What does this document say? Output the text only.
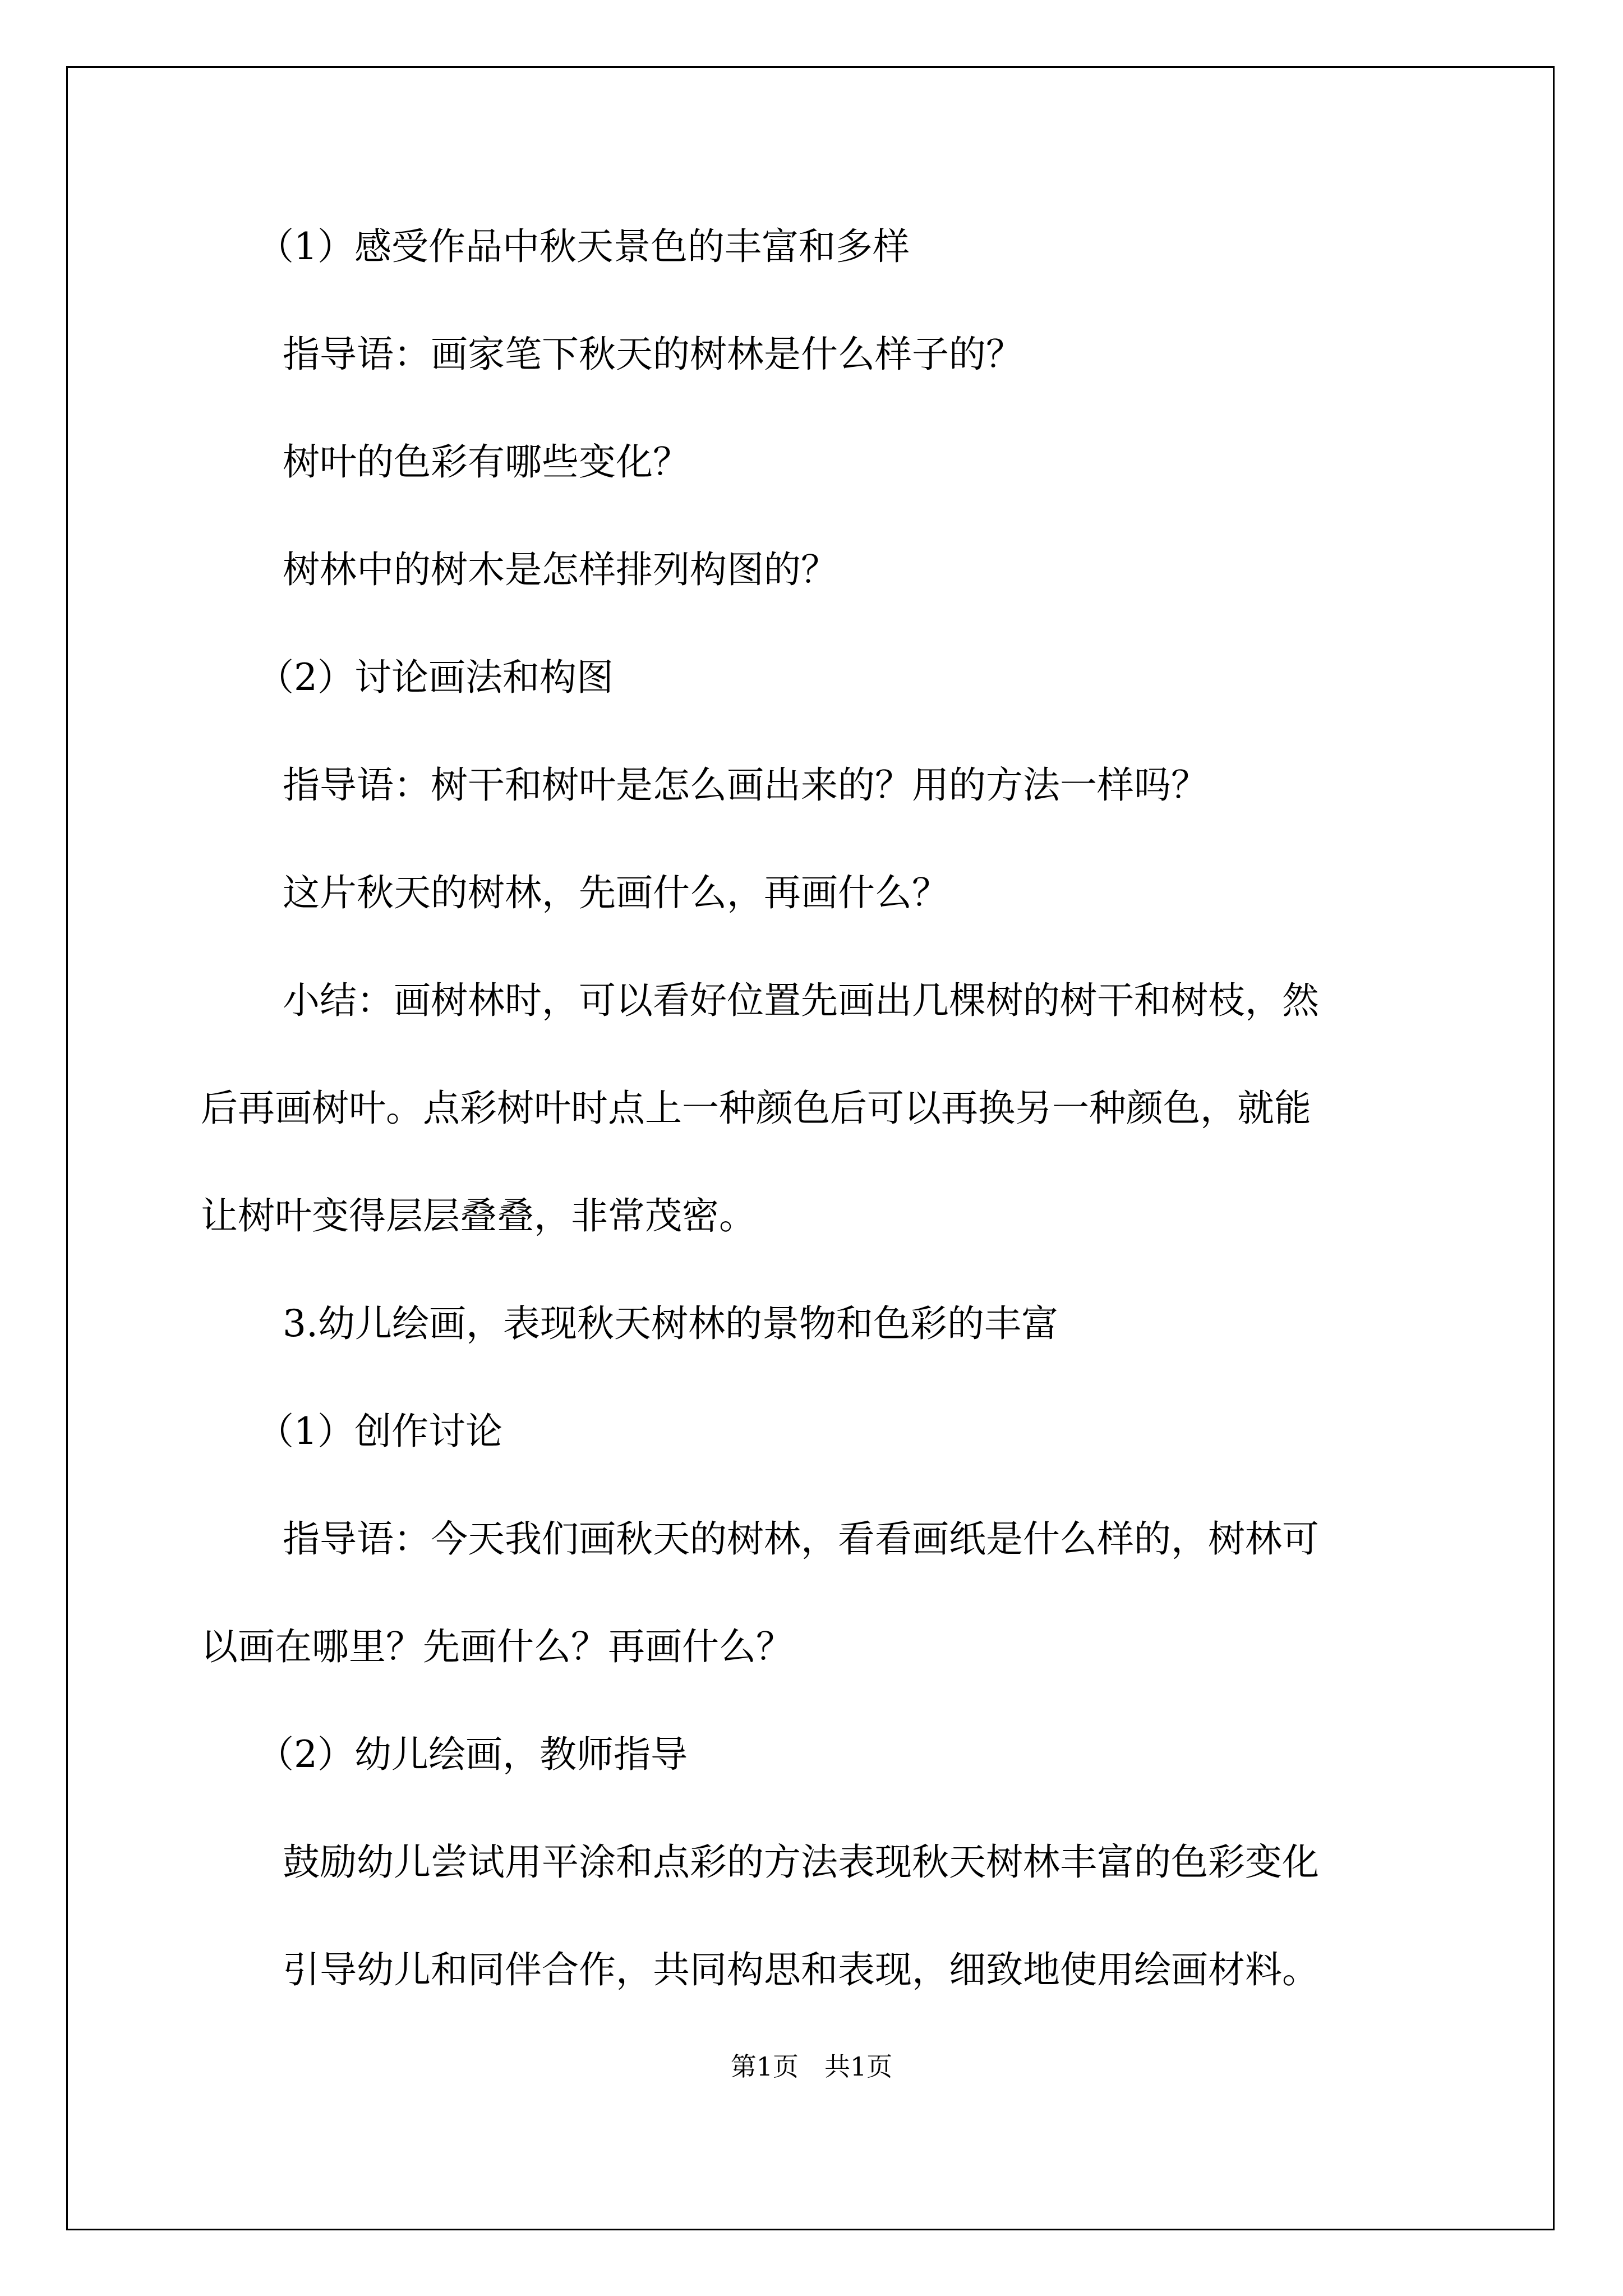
（1）感受作品中秋天景色的丰富和多样
指导语：画家笔下秋天的树林是什么样子的？
树叶的色彩有哪些变化？
树林中的树木是怎样排列构图的？
（2）讨论画法和构图
指导语：树干和树叶是怎么画出来的？用的方法一样吗？
这片秋天的树林，先画什么，再画什么？
小结：画树林时，可以看好位置先画出几棵树的树干和树枝，然
后再画树叶。点彩树叶时点上一种颜色后可以再换另一种颜色，就能
让树叶变得层层叠叠，非常茂密。
3.幼儿绘画，表现秋天树林的景物和色彩的丰富
（1）创作讨论
指导语：今天我们画秋天的树林，看看画纸是什么样的，树林可
以画在哪里？先画什么？再画什么？
（2）幼儿绘画，教师指导
鼓励幼儿尝试用平涂和点彩的方法表现秋天树林丰富的色彩变化
引导幼儿和同伴合作，共同构思和表现，细致地使用绘画材料。
第1页　共1页
